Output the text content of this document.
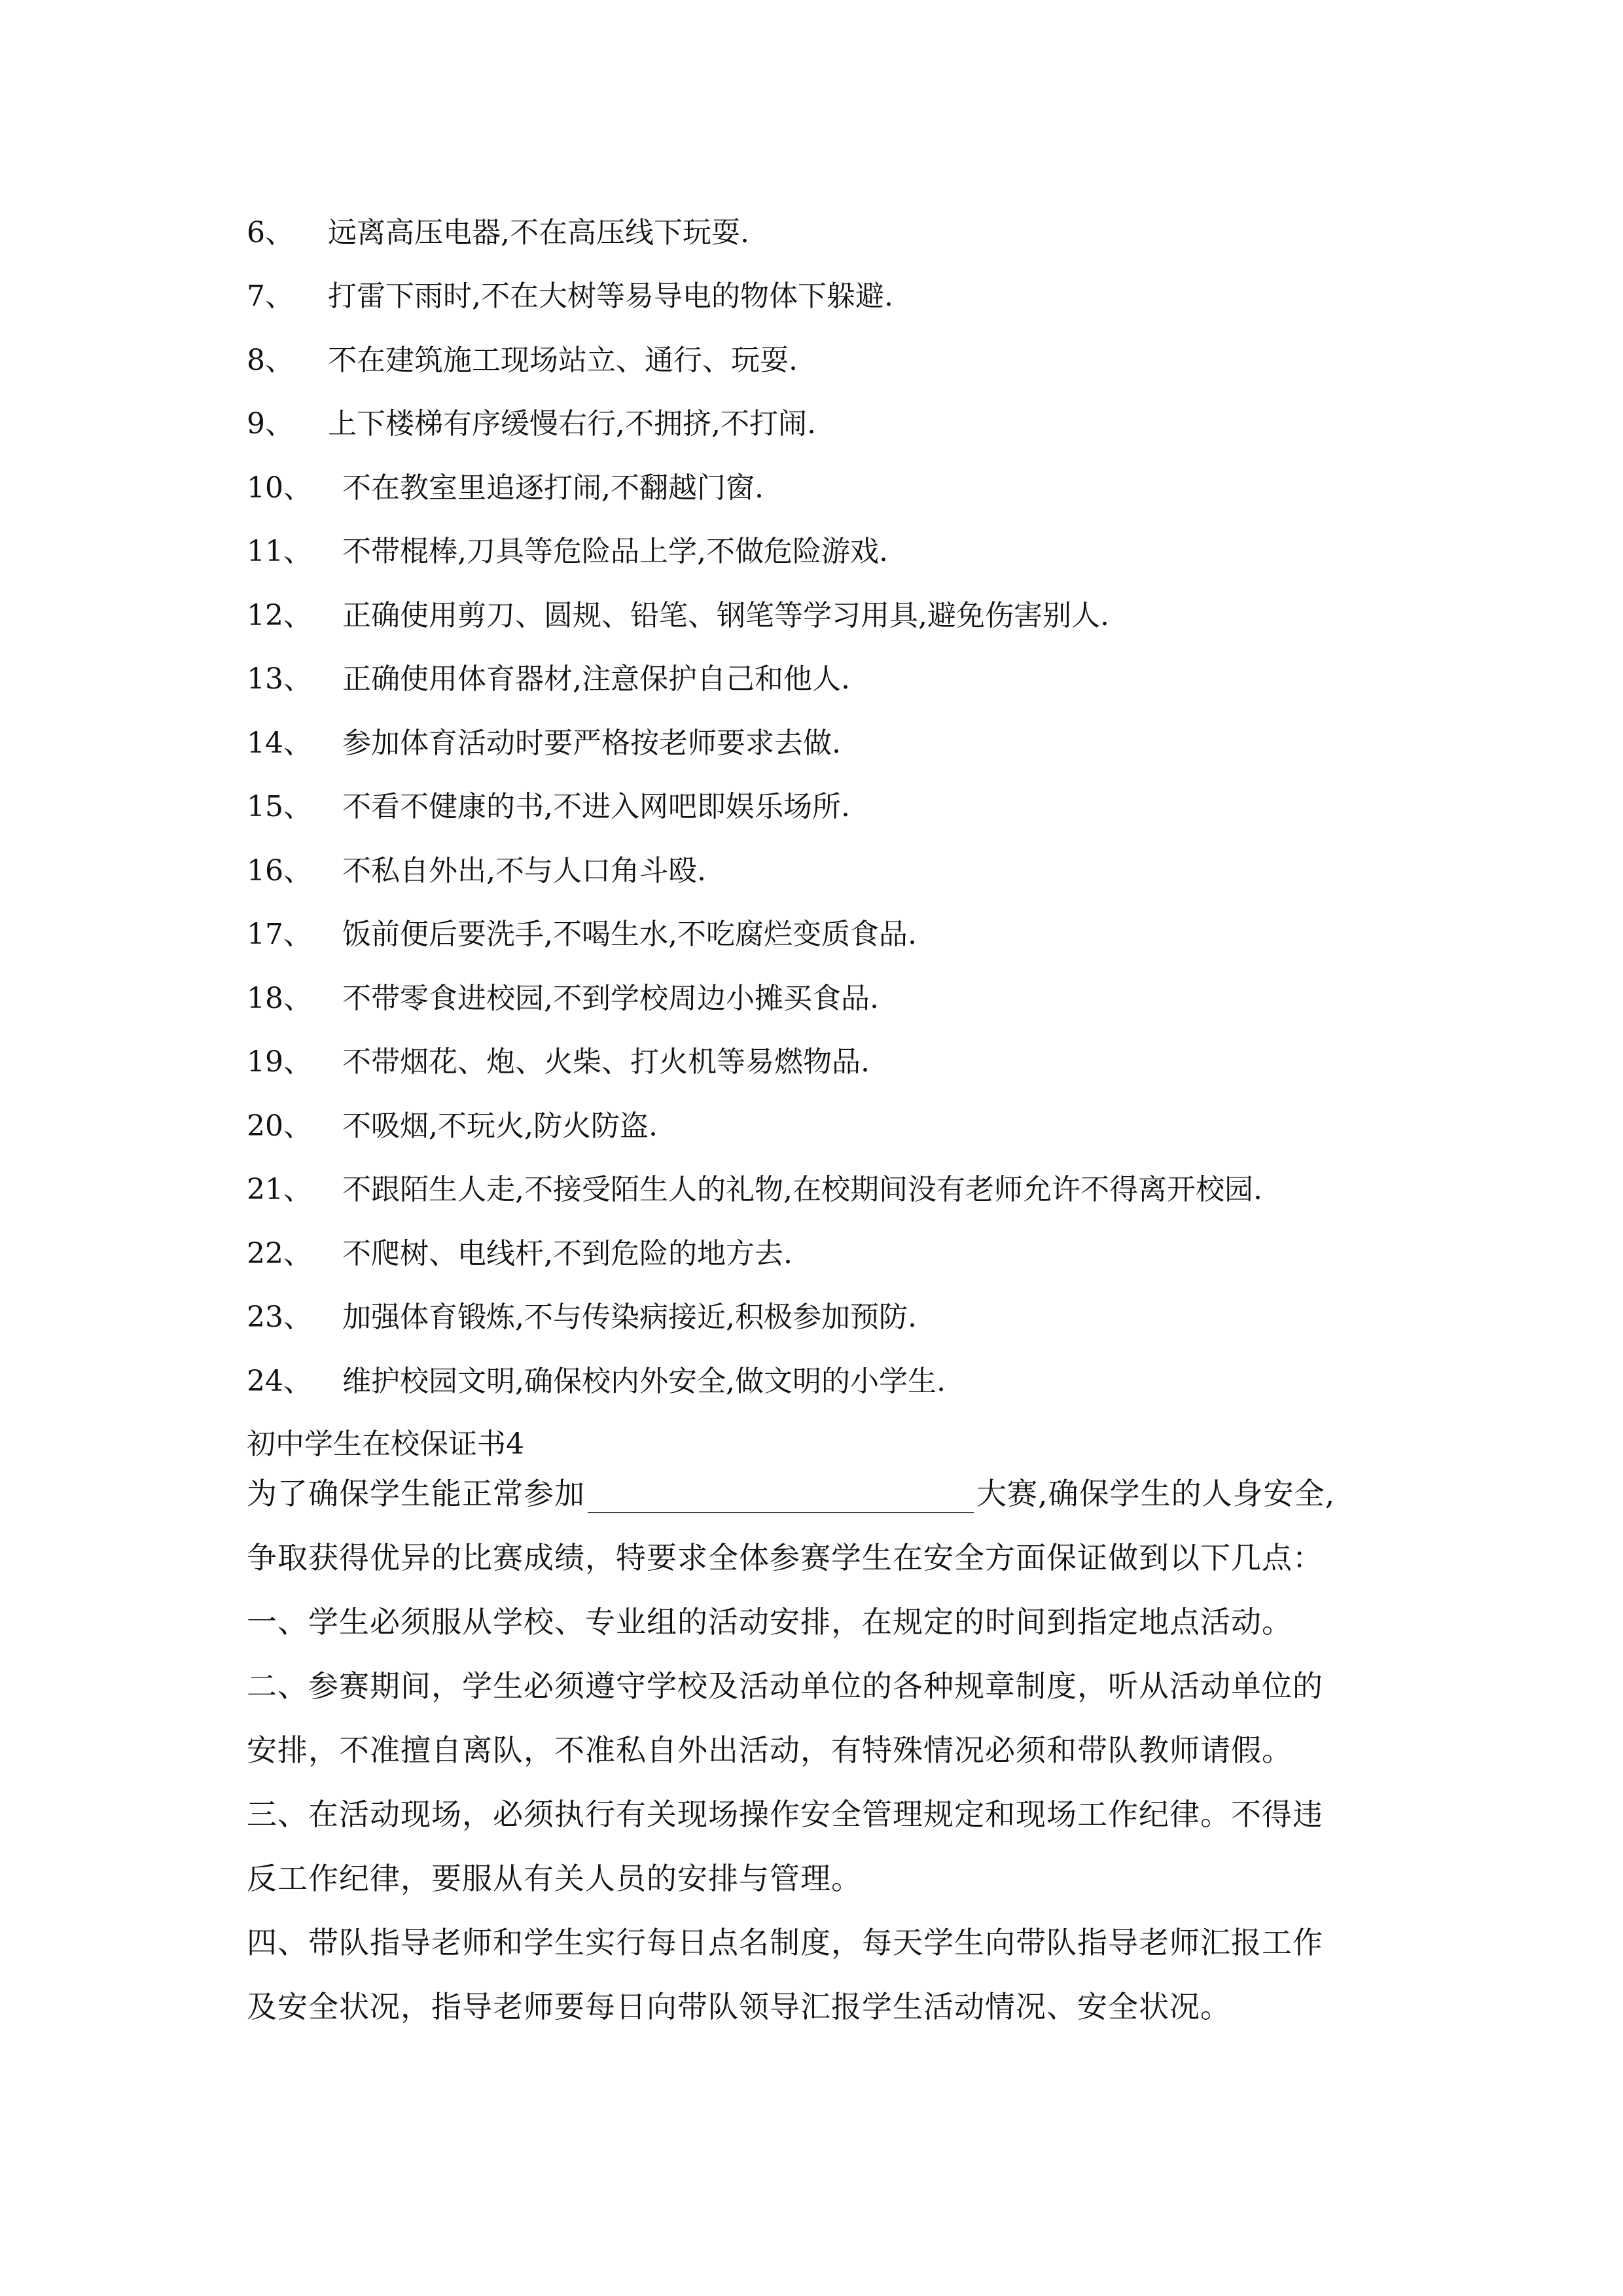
6、	远离高压电器,不在高压线下玩耍.
7、	打雷下雨时,不在大树等易导电的物体下躲避.
8、	不在建筑施工现场站立、通行、玩耍.
9、	上下楼梯有序缓慢右行,不拥挤,不打闹.
10、	不在教室里追逐打闹,不翻越门窗.
11、	不带棍棒,刀具等危险品上学,不做危险游戏.
12、	正确使用剪刀、圆规、铅笔、钢笔等学习用具,避免伤害别人.
13、	正确使用体育器材,注意保护自己和他人.
14、	参加体育活动时要严格按老师要求去做.
15、	不看不健康的书,不进入网吧即娱乐场所.
16、	不私自外出,不与人口角斗殴.
17、	饭前便后要洗手,不喝生水,不吃腐烂变质食品.
18、	不带零食进校园,不到学校周边小摊买食品.
19、	不带烟花、炮、火柴、打火机等易燃物品.
20、	不吸烟,不玩火,防火防盗.
21、	不跟陌生人走,不接受陌生人的礼物,在校期间没有老师允许不得离开校园.
22、	不爬树、电线杆,不到危险的地方去.
23、	加强体育锻炼,不与传染病接近,积极参加预防.
24、	维护校园文明,确保校内外安全,做文明的小学生.
初中学生在校保证书4
为了确保学生能正常参加	大赛,确保学生的人身安全,
争取获得优异的比赛成绩，特要求全体参赛学生在安全方面保证做到以下几点：
一、学生必须服从学校、专业组的活动安排，在规定的时间到指定地点活动。
二、参赛期间，学生必须遵守学校及活动单位的各种规章制度，听从活动单位的
安排，不准擅自离队，不准私自外出活动，有特殊情况必须和带队教师请假。
三、在活动现场，必须执行有关现场操作安全管理规定和现场工作纪律。不得违
反工作纪律，要服从有关人员的安排与管理。
四、带队指导老师和学生实行每日点名制度，每天学生向带队指导老师汇报工作
及安全状况，指导老师要每日向带队领导汇报学生活动情况、安全状况。
